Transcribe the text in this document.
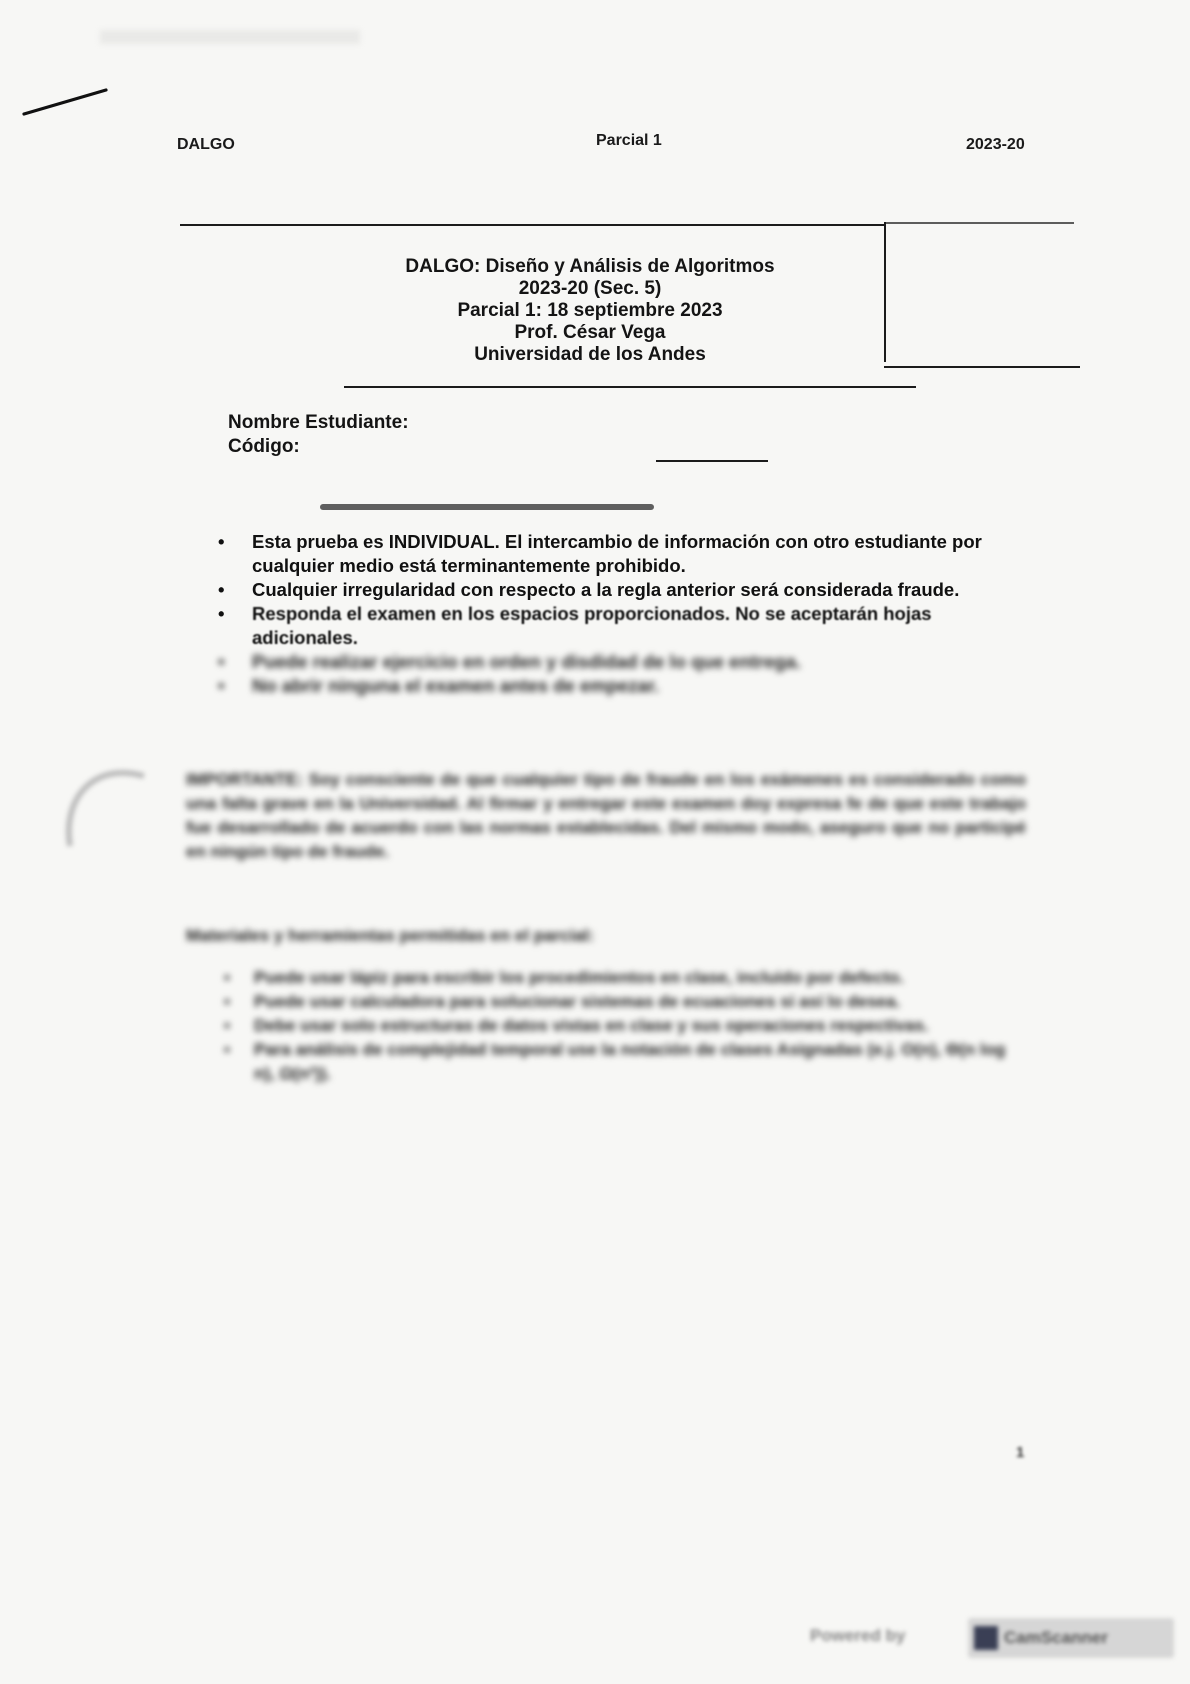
DALGO	Parcial 1	2023-20
DALGO: Diseño y Análisis de Algoritmos
2023-20 (Sec. 5)
Parcial 1: 18 septiembre 2023
Prof. César Vega
Universidad de los Andes
Nombre Estudiante:
Código:
• Esta prueba es INDIVIDUAL. El intercambio de información con otro estudiante por cualquier medio está terminantemente prohibido.
• Cualquier irregularidad con respecto a la regla anterior será considerada fraude.
• Responda el examen en los espacios proporcionados. No se aceptarán hojas adicionales.
• Puede realizar ejercicio en orden y disdidad de lo que entrega.
• No abrir ninguna el examen antes de empezar.
IMPORTANTE: Soy consciente de que cualquier tipo de fraude en los exámenes es considerado como una falta grave en la Universidad. Al firmar y entregar este examen doy expresa fe de que este trabajo fue desarrollado de acuerdo con las normas establecidas. Del mismo modo, aseguro que no participé en ningún tipo de fraude.
Materiales y herramientas permitidas en el parcial:
▪ Puede usar lápiz para escribir los procedimientos en clase, incluido por defecto.
▪ Puede usar calculadora para solucionar sistemas de ecuaciones si así lo desea.
▪ Debe usar solo estructuras de datos vistas en clase y sus operaciones respectivas.
▪ Para análisis de complejidad temporal use la notación de clases Asignadas (e.j. O(n), Θ(n log n), Ω(n²)).
1
Powered by	CamScanner
